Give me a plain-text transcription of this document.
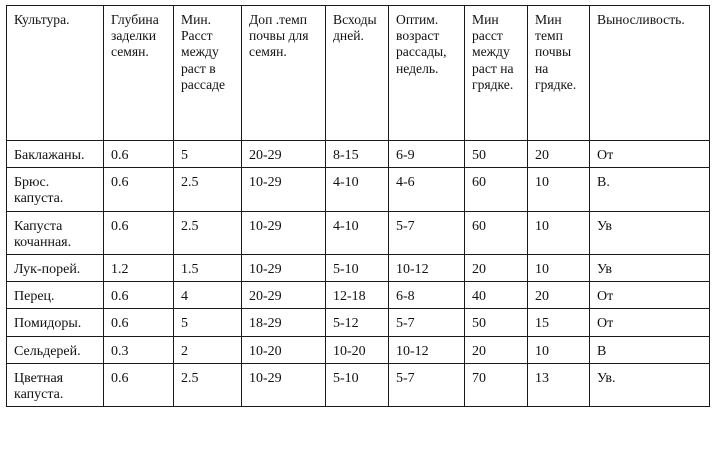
Культура.	Глубина заделки семян.	Мин. Расст между раст в рассаде	Доп .темп почвы для семян.	Всходы дней.	Оптим. возраст рассады, недель.	Мин расст между раст на грядке.	Мин темп почвы на грядке.	Выносливость.
Баклажаны.	0.6	5	20-29	8-15	6-9	50	20	От
Брюс. капуста.	0.6	2.5	10-29	4-10	4-6	60	10	В.
Капуста кочанная.	0.6	2.5	10-29	4-10	5-7	60	10	Ув
Лук-порей.	1.2	1.5	10-29	5-10	10-12	20	10	Ув
Перец.	0.6	4	20-29	12-18	6-8	40	20	От
Помидоры.	0.6	5	18-29	5-12	5-7	50	15	От
Сельдерей.	0.3	2	10-20	10-20	10-12	20	10	В
Цветная капуста.	0.6	2.5	10-29	5-10	5-7	70	13	Ув.
